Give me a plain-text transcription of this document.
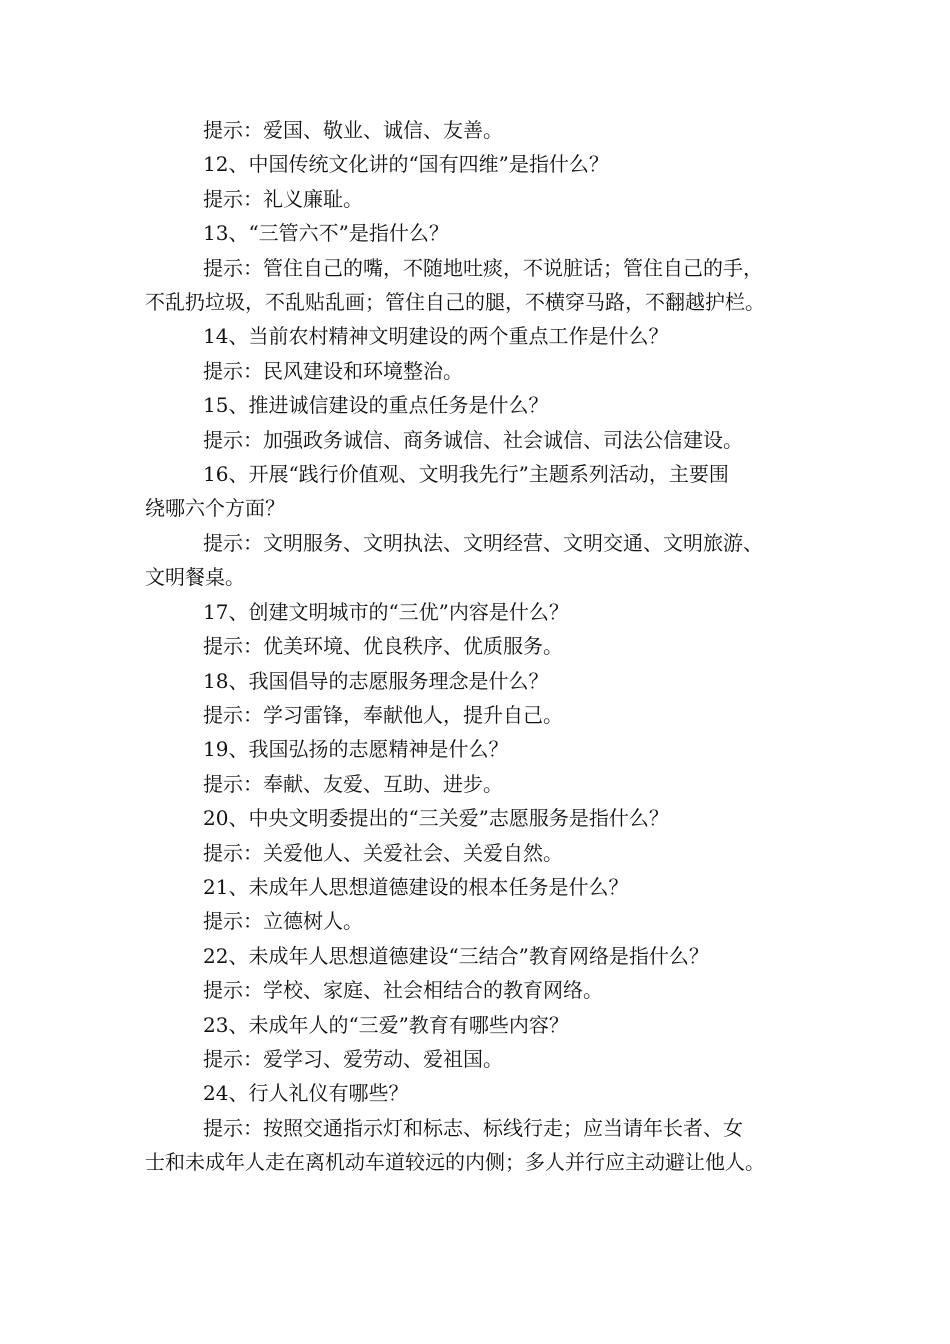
提示：爱国、敬业、诚信、友善。
12、中国传统文化讲的“国有四维”是指什么？
提示：礼义廉耻。
13、“三管六不”是指什么？
提示：管住自己的嘴，不随地吐痰，不说脏话；管住自己的手，
不乱扔垃圾，不乱贴乱画；管住自己的腿，不横穿马路，不翻越护栏。
14、当前农村精神文明建设的两个重点工作是什么？
提示：民风建设和环境整治。
15、推进诚信建设的重点任务是什么？
提示：加强政务诚信、商务诚信、社会诚信、司法公信建设。
16、开展“践行价值观、文明我先行”主题系列活动，主要围
绕哪六个方面？
提示：文明服务、文明执法、文明经营、文明交通、文明旅游、
文明餐桌。
17、创建文明城市的“三优”内容是什么？
提示：优美环境、优良秩序、优质服务。
18、我国倡导的志愿服务理念是什么？
提示：学习雷锋，奉献他人，提升自己。
19、我国弘扬的志愿精神是什么？
提示：奉献、友爱、互助、进步。
20、中央文明委提出的“三关爱”志愿服务是指什么？
提示：关爱他人、关爱社会、关爱自然。
21、未成年人思想道德建设的根本任务是什么？
提示：立德树人。
22、未成年人思想道德建设“三结合”教育网络是指什么？
提示：学校、家庭、社会相结合的教育网络。
23、未成年人的“三爱”教育有哪些内容？
提示：爱学习、爱劳动、爱祖国。
24、行人礼仪有哪些？
提示：按照交通指示灯和标志、标线行走；应当请年长者、女
士和未成年人走在离机动车道较远的内侧；多人并行应主动避让他人。
